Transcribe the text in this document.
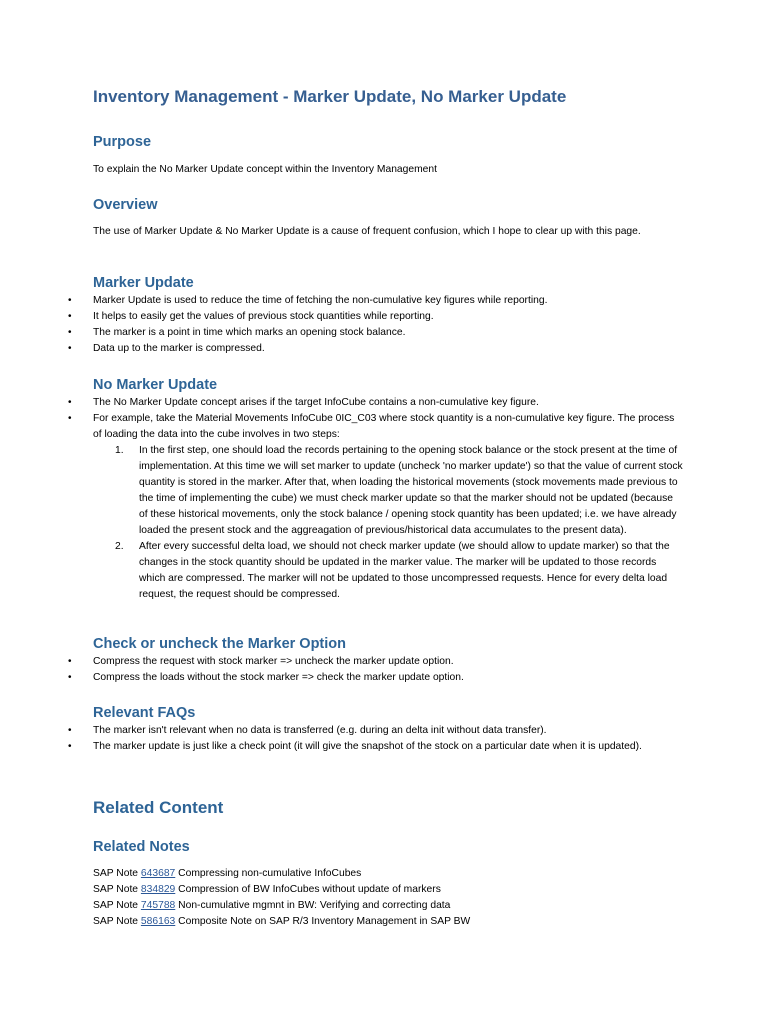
Inventory Management - Marker Update, No Marker Update
Purpose

To explain the No Marker Update concept within the Inventory Management

Overview

The use of Marker Update & No Marker Update is a cause of frequent confusion, which I hope to clear up with this page.

Marker Update
• Marker Update is used to reduce the time of fetching the non-cumulative key figures while reporting.
• It helps to easily get the values of previous stock quantities while reporting.
• The marker is a point in time which marks an opening stock balance.
• Data up to the marker is compressed.
No Marker Update
• The No Marker Update concept arises if the target InfoCube contains a non-cumulative key figure.
• For example, take the Material Movements InfoCube 0IC_C03 where stock quantity is a non-cumulative key figure. The process of loading the data into the cube involves in two steps:
1. In the first step, one should load the records pertaining to the opening stock balance or the stock present at the time of implementation. At this time we will set marker to update (uncheck 'no marker update') so that the value of current stock quantity is stored in the marker. After that, when loading the historical movements (stock movements made previous to the time of implementing the cube) we must check marker update so that the marker should not be updated (because of these historical movements, only the stock balance / opening stock quantity has been updated; i.e. we have already loaded the present stock and the aggreagation of previous/historical data accumulates to the present data).
2. After every successful delta load, we should not check marker update (we should allow to update marker) so that the changes in the stock quantity should be updated in the marker value. The marker will be updated to those records which are compressed. The marker will not be updated to those uncompressed requests. Hence for every delta load request, the request should be compressed.
Check or uncheck the Marker Option
• Compress the request with stock marker => uncheck the marker update option.
• Compress the loads without the stock marker => check the marker update option.
Relevant FAQs
• The marker isn't relevant when no data is transferred (e.g. during an delta init without data transfer).
• The marker update is just like a check point (it will give the snapshot of the stock on a particular date when it is updated).
Related Content
Related Notes
SAP Note 643687 Compressing non-cumulative InfoCubes
SAP Note 834829 Compression of BW InfoCubes without update of markers
SAP Note 745788 Non-cumulative mgmnt in BW: Verifying and correcting data
SAP Note 586163 Composite Note on SAP R/3 Inventory Management in SAP BW
